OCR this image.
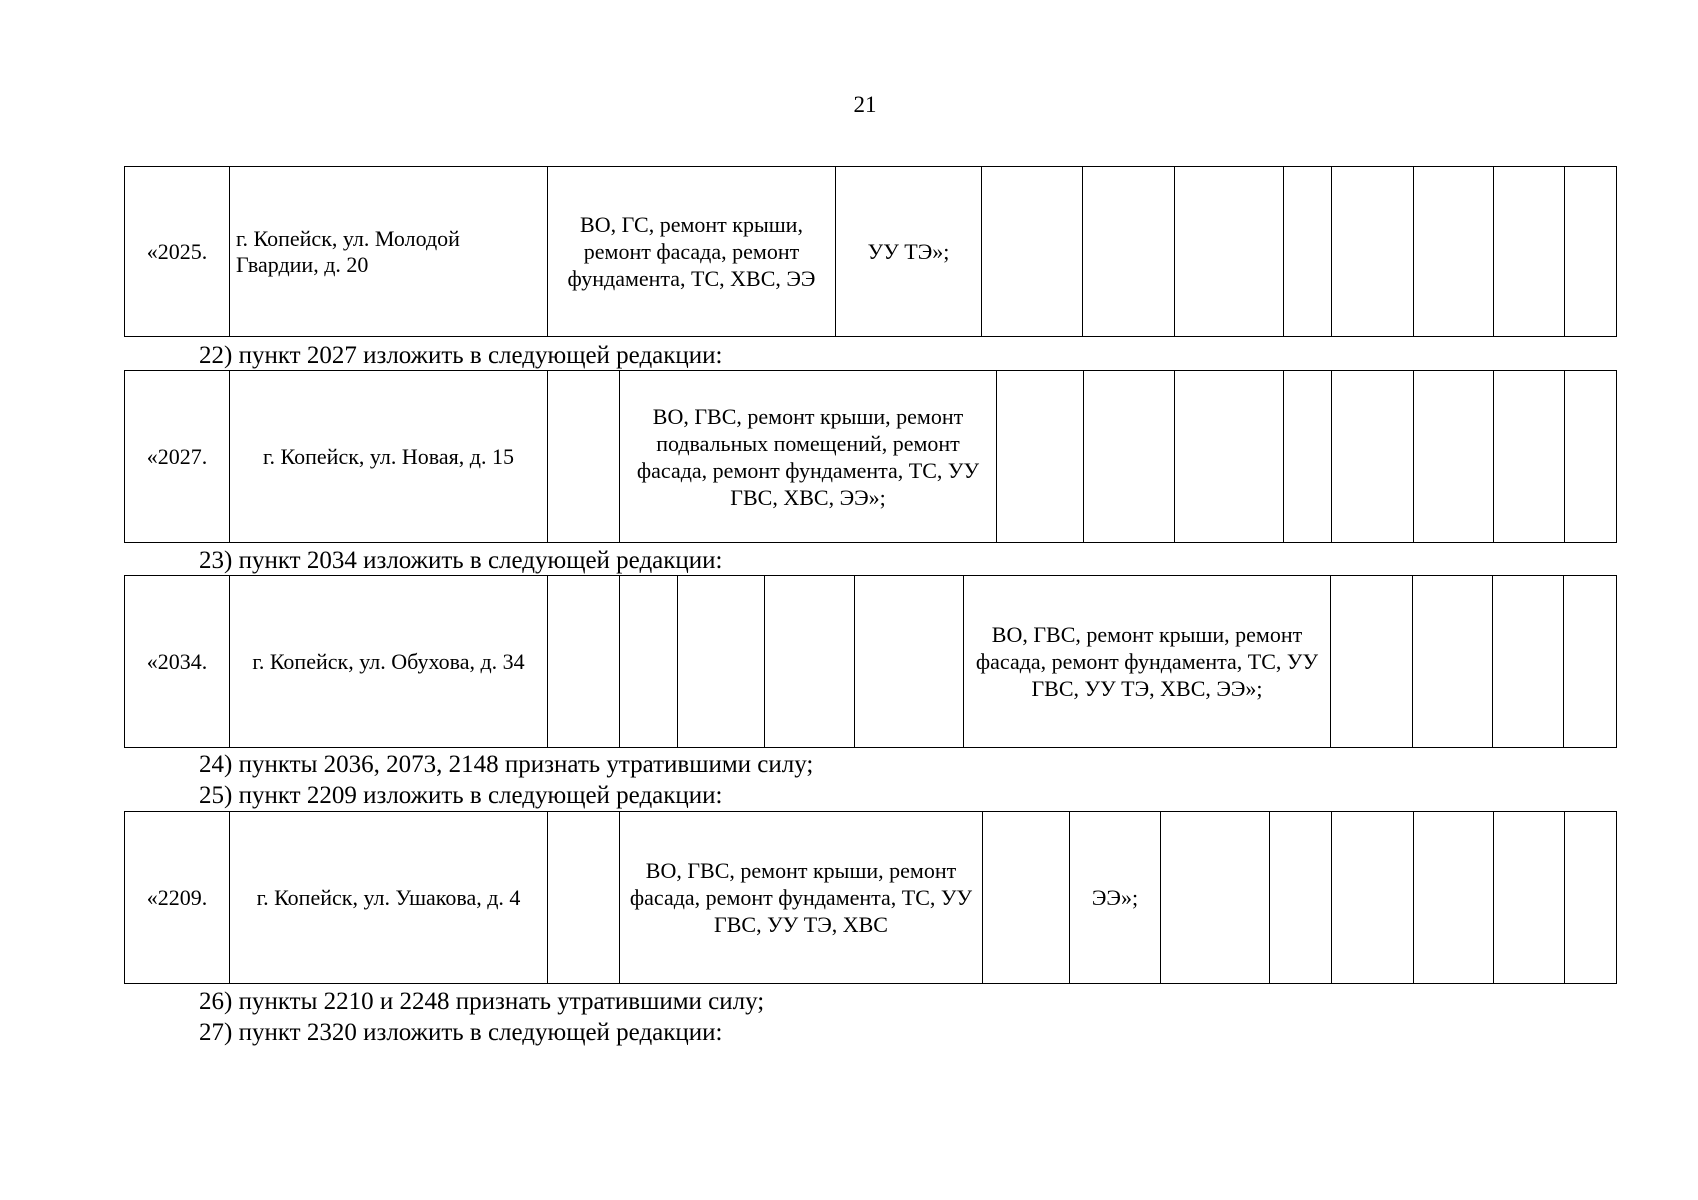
21
«2025.	г. Копейск, ул. Молодой Гвардии, д. 20	ВО, ГС, ремонт крыши, ремонт фасада, ремонт фундамента, ТС, ХВС, ЭЭ	УУ ТЭ»;								
22) пункт 2027 изложить в следующей редакции:
«2027.	г. Копейск, ул. Новая, д. 15		ВО, ГВС, ремонт крыши, ремонт подвальных помещений, ремонт фасада, ремонт фундамента, ТС, УУ ГВС, ХВС, ЭЭ»;								
23) пункт 2034 изложить в следующей редакции:
«2034.	г. Копейск, ул. Обухова, д. 34						ВО, ГВС, ремонт крыши, ремонт фасада, ремонт фундамента, ТС, УУ ГВС, УУ ТЭ, ХВС, ЭЭ»;				
24) пункты 2036, 2073, 2148 признать утратившими силу;
25) пункт 2209 изложить в следующей редакции:
«2209.	г. Копейск, ул. Ушакова, д. 4		ВО, ГВС, ремонт крыши, ремонт фасада, ремонт фундамента, ТС, УУ ГВС, УУ ТЭ, ХВС		ЭЭ»;						
26) пункты 2210 и 2248 признать утратившими силу;
27) пункт 2320 изложить в следующей редакции:
